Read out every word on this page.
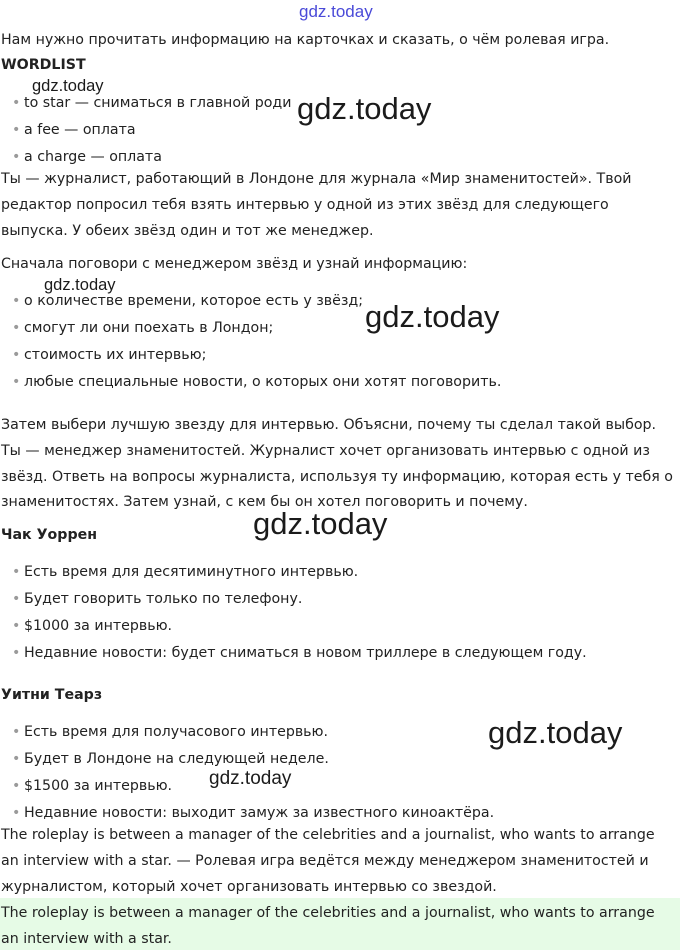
gdz.today
Нам нужно прочитать информацию на карточках и сказать, о чём ролевая игра.
WORDLIST
gdz.today
• to star — сниматься в главной роди gdz.today
• a fee — оплата
• a charge — оплата
Ты — журналист, работающий в Лондоне для журнала «Мир знаменитостей». Твой
редактор попросил тебя взять интервью у одной из этих звёзд для следующего
выпуска. У обеих звёзд один и тот же менеджер.
Сначала поговори с менеджером звёзд и узнай информацию:
gdz.today
• о количестве времени, которое есть у звёзд; gdz.today
• смогут ли они поехать в Лондон;
• стоимость их интервью;
• любые специальные новости, о которых они хотят поговорить.
Затем выбери лучшую звезду для интервью. Объясни, почему ты сделал такой выбор.
Ты — менеджер знаменитостей. Журналист хочет организовать интервью с одной из
звёзд. Ответь на вопросы журналиста, используя ту информацию, которая есть у тебя о
знаменитостях. Затем узнай, с кем бы он хотел поговорить и почему.
gdz.today
Чак Уоррен
• Есть время для десятиминутного интервью.
• Будет говорить только по телефону.
• $1000 за интервью.
• Недавние новости: будет сниматься в новом триллере в следующем году.
Уитни Теарз
• Есть время для получасового интервью.	gdz.today
• Будет в Лондоне на следующей неделе.
gdz.today
• $1500 за интервью.
• Недавние новости: выходит замуж за известного киноактёра.
The roleplay is between a manager of the celebrities and a journalist, who wants to arrange
an interview with a star. — Ролевая игра ведётся между менеджером знаменитостей и
журналистом, который хочет организовать интервью со звездой.
The roleplay is between a manager of the celebrities and a journalist, who wants to arrange
an interview with a star.
